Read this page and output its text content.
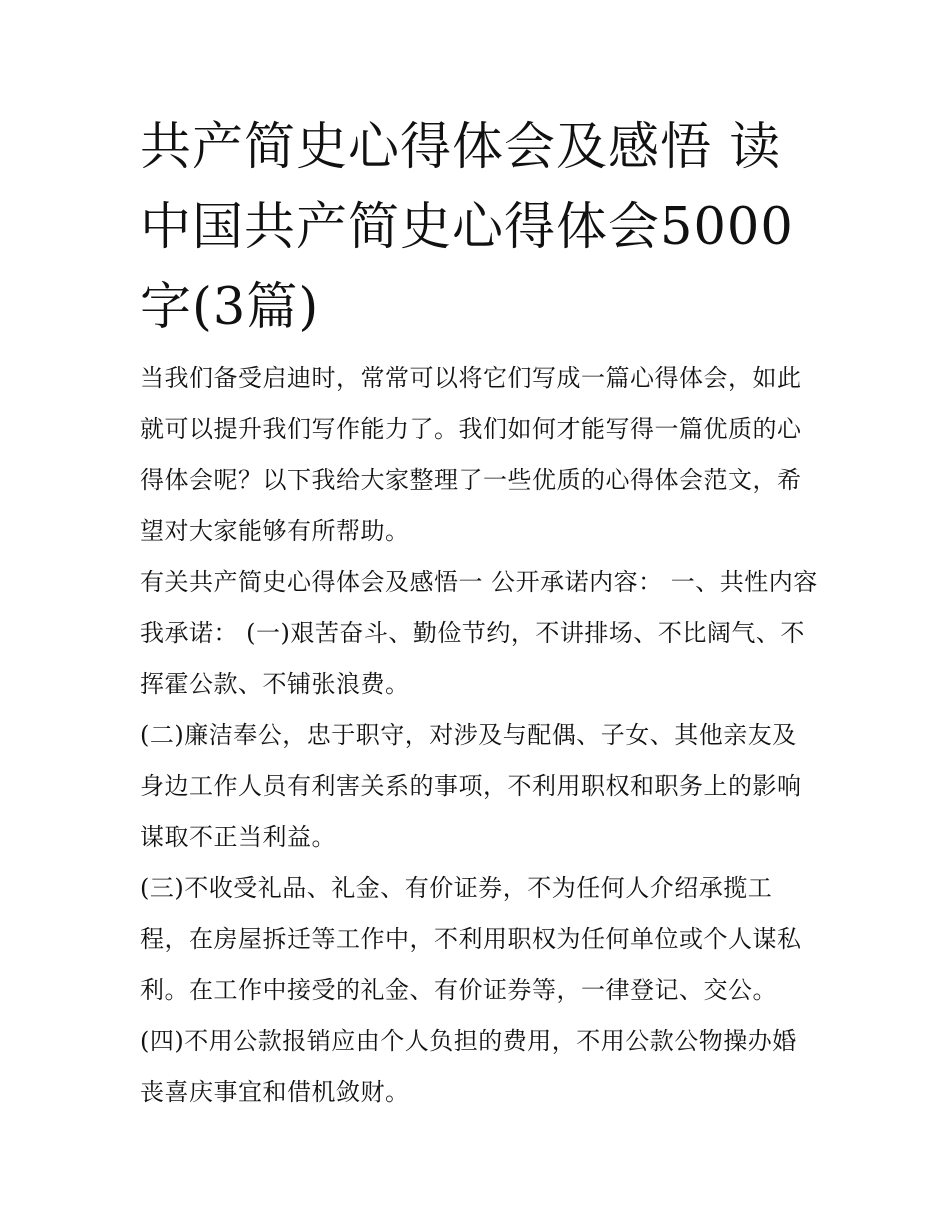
共产简史心得体会及感悟 读中国共产简史心得体会5000字(3篇)

当我们备受启迪时，常常可以将它们写成一篇心得体会，如此就可以提升我们写作能力了。我们如何才能写得一篇优质的心得体会呢？以下我给大家整理了一些优质的心得体会范文，希望对大家能够有所帮助。

有关共产简史心得体会及感悟一 公开承诺内容： 一、共性内容 我承诺： (一)艰苦奋斗、勤俭节约，不讲排场、不比阔气、不挥霍公款、不铺张浪费。

(二)廉洁奉公，忠于职守，对涉及与配偶、子女、其他亲友及身边工作人员有利害关系的事项，不利用职权和职务上的影响谋取不正当利益。

(三)不收受礼品、礼金、有价证券，不为任何人介绍承揽工程，在房屋拆迁等工作中，不利用职权为任何单位或个人谋私利。在工作中接受的礼金、有价证券等，一律登记、交公。

(四)不用公款报销应由个人负担的费用，不用公款公物操办婚丧喜庆事宜和借机敛财。
